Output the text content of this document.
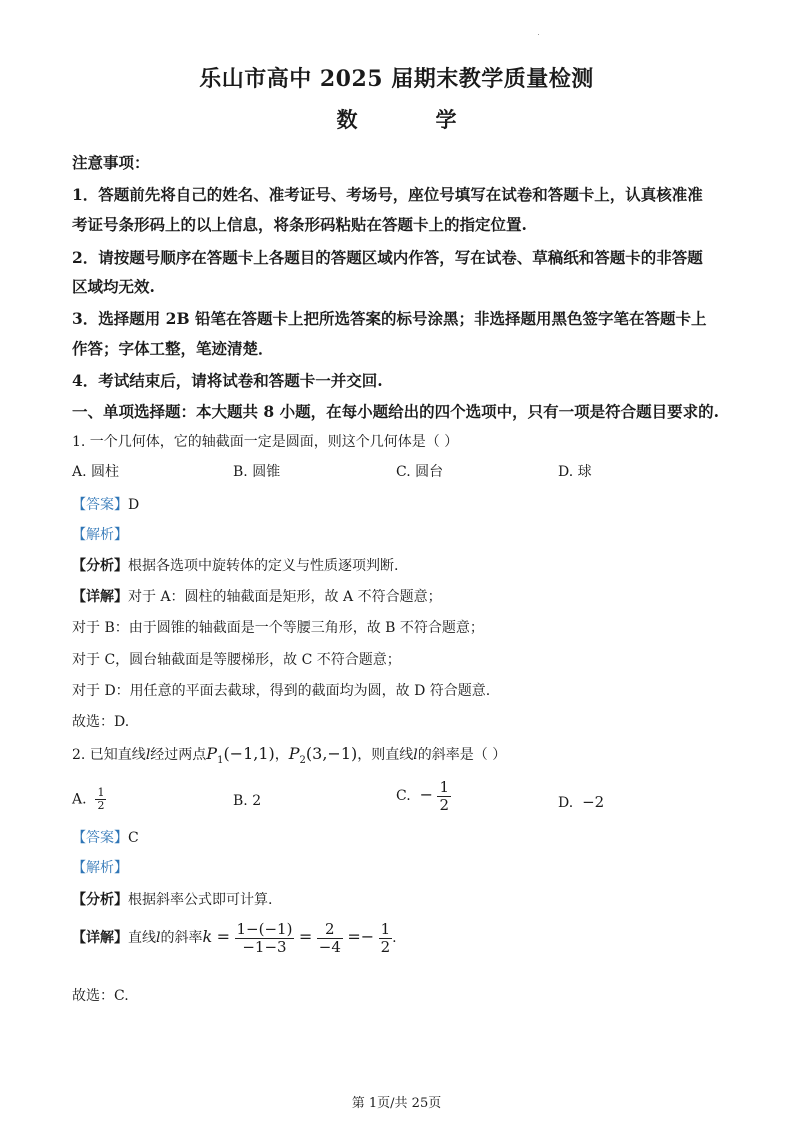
乐山市高中 2025 届期末教学质量检测
数	学
注意事项：
1．答题前先将自己的姓名、准考证号、考场号，座位号填写在试卷和答题卡上，认真核准准
考证号条形码上的以上信息，将条形码粘贴在答题卡上的指定位置.
2．请按题号顺序在答题卡上各题目的答题区域内作答，写在试卷、草稿纸和答题卡的非答题
区域均无效.
3．选择题用 2B 铅笔在答题卡上把所选答案的标号涂黑；非选择题用黑色签字笔在答题卡上
作答；字体工整，笔迹清楚．
4．考试结束后，请将试卷和答题卡一并交回.
一、单项选择题：本大题共 8 小题，在每小题给出的四个选项中，只有一项是符合题目要求的.
1. 一个几何体，它的轴截面一定是圆面，则这个几何体是（ ）
A. 圆柱	B. 圆锥	C. 圆台	D. 球
【答案】D
【解析】
【分析】根据各选项中旋转体的定义与性质逐项判断.
【详解】对于 A：圆柱的轴截面是矩形，故 A 不符合题意；
对于 B：由于圆锥的轴截面是一个等腰三角形，故 B 不符合题意；
对于 C，圆台轴截面是等腰梯形，故 C 不符合题意；
对于 D：用任意的平面去截球，得到的截面均为圆，故 D 符合题意.
故选：D.
2. 已知直线l经过两点$P_1(-1,1)$，$P_2(3,-1)$，则直线l的斜率是（ ）
A. $\frac{1}{2}$	B. 2	C. − $\frac{1}{2}$	D. −2
【答案】C
【解析】
【分析】根据斜率公式即可计算.
【详解】直线l的斜率$k = \frac{1-(-1)}{-1-3} = \frac{2}{-4} =- \frac{1}{2}$ .
故选：C.
第 1页/共 25页
